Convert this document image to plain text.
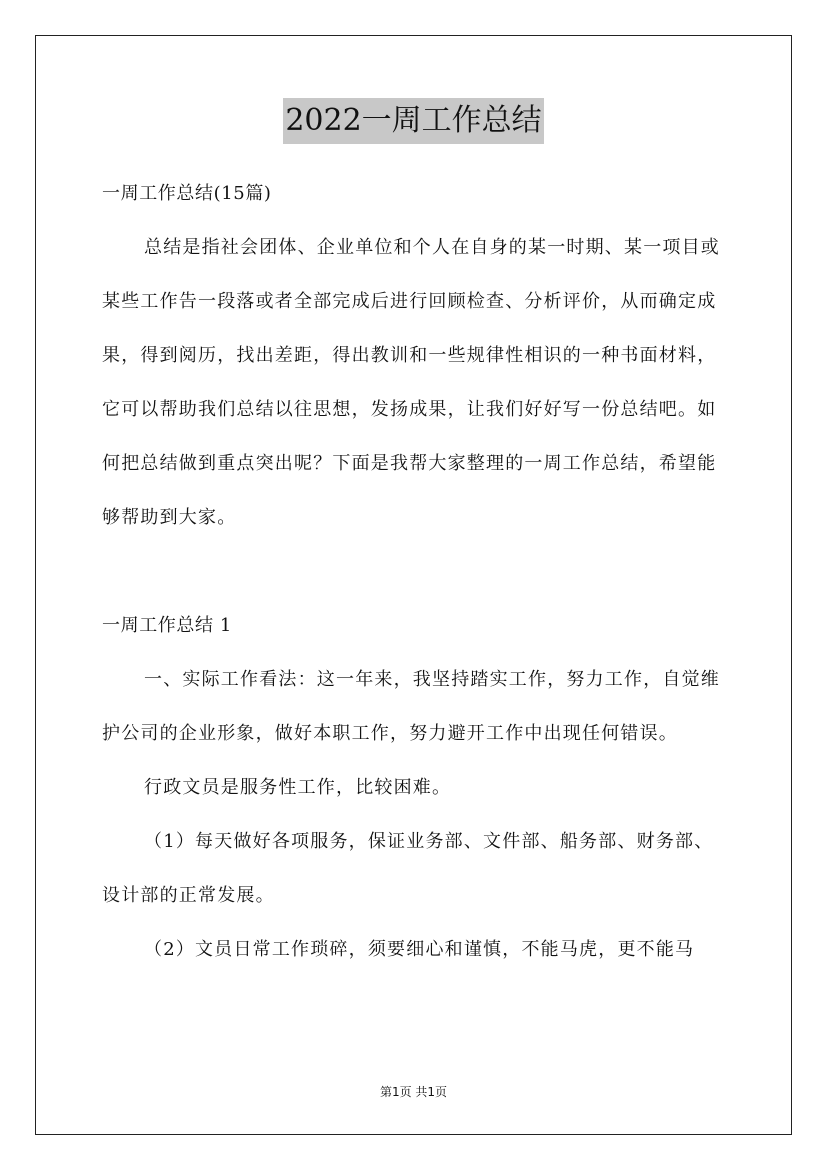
2022一周工作总结

一周工作总结(15篇)

总结是指社会团体、企业单位和个人在自身的某一时期、某一项目或某些工作告一段落或者全部完成后进行回顾检查、分析评价，从而确定成果，得到阅历，找出差距，得出教训和一些规律性相识的一种书面材料，它可以帮助我们总结以往思想，发扬成果，让我们好好写一份总结吧。如何把总结做到重点突出呢？下面是我帮大家整理的一周工作总结，希望能够帮助到大家。

一周工作总结 1

一、实际工作看法：这一年来，我坚持踏实工作，努力工作，自觉维护公司的企业形象，做好本职工作，努力避开工作中出现任何错误。

行政文员是服务性工作，比较困难。

（1）每天做好各项服务，保证业务部、文件部、船务部、财务部、设计部的正常发展。

（2）文员日常工作琐碎，须要细心和谨慎，不能马虎，更不能马

第1页 共1页
